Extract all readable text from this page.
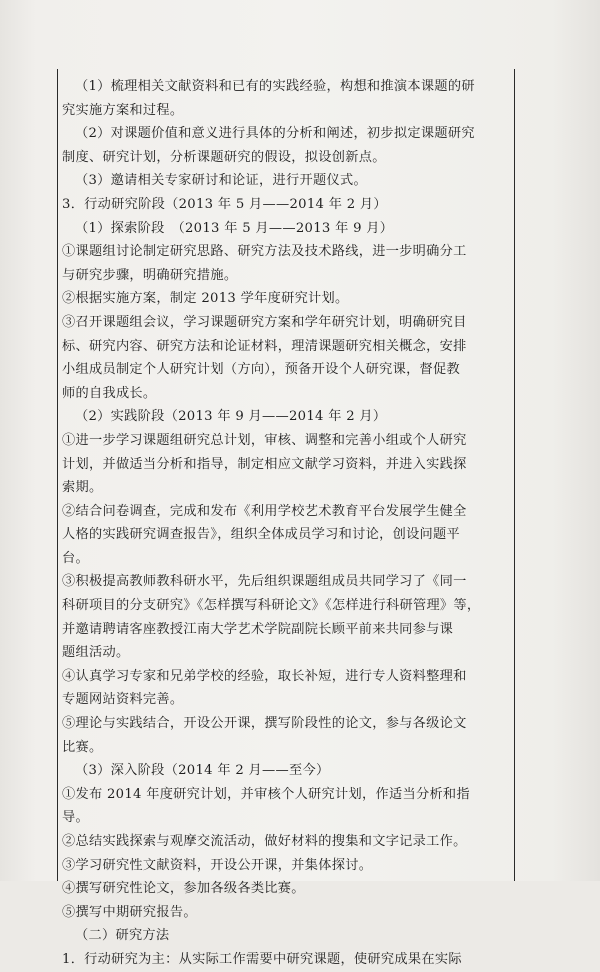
（1）梳理相关文献资料和已有的实践经验，构想和推演本课题的研
究实施方案和过程。
（2）对课题价值和意义进行具体的分析和阐述，初步拟定课题研究
制度、研究计划，分析课题研究的假设，拟设创新点。
（3）邀请相关专家研讨和论证，进行开题仪式。
3．行动研究阶段（2013 年 5 月——2014 年 2 月）
（1）探索阶段　（2013 年 5 月——2013 年 9 月）
①课题组讨论制定研究思路、研究方法及技术路线，进一步明确分工
与研究步骤，明确研究措施。
②根据实施方案，制定 2013 学年度研究计划。
③召开课题组会议，学习课题研究方案和学年研究计划，明确研究目
标、研究内容、研究方法和论证材料，理清课题研究相关概念，安排
小组成员制定个人研究计划（方向），预备开设个人研究课，督促教
师的自我成长。
（2）实践阶段（2013 年 9 月——2014 年 2 月）
①进一步学习课题组研究总计划，审核、调整和完善小组或个人研究
计划，并做适当分析和指导，制定相应文献学习资料，并进入实践探
索期。
②结合问卷调查，完成和发布《利用学校艺术教育平台发展学生健全
人格的实践研究调查报告》，组织全体成员学习和讨论，创设问题平
台。
③积极提高教师教科研水平，先后组织课题组成员共同学习了《同一
科研项目的分支研究》《怎样撰写科研论文》《怎样进行科研管理》等，
并邀请聘请客座教授江南大学艺术学院副院长顾平前来共同参与课
题组活动。
④认真学习专家和兄弟学校的经验，取长补短，进行专人资料整理和
专题网站资料完善。
⑤理论与实践结合，开设公开课，撰写阶段性的论文，参与各级论文
比赛。
（3）深入阶段（2014 年 2 月——至今）
①发布 2014 年度研究计划，并审核个人研究计划，作适当分析和指
导。
②总结实践探索与观摩交流活动，做好材料的搜集和文字记录工作。
③学习研究性文献资料，开设公开课，并集体探讨。
④撰写研究性论文，参加各级各类比赛。
⑤撰写中期研究报告。
（二）研究方法
1．行动研究为主：从实际工作需要中研究课题，使研究成果在实际
